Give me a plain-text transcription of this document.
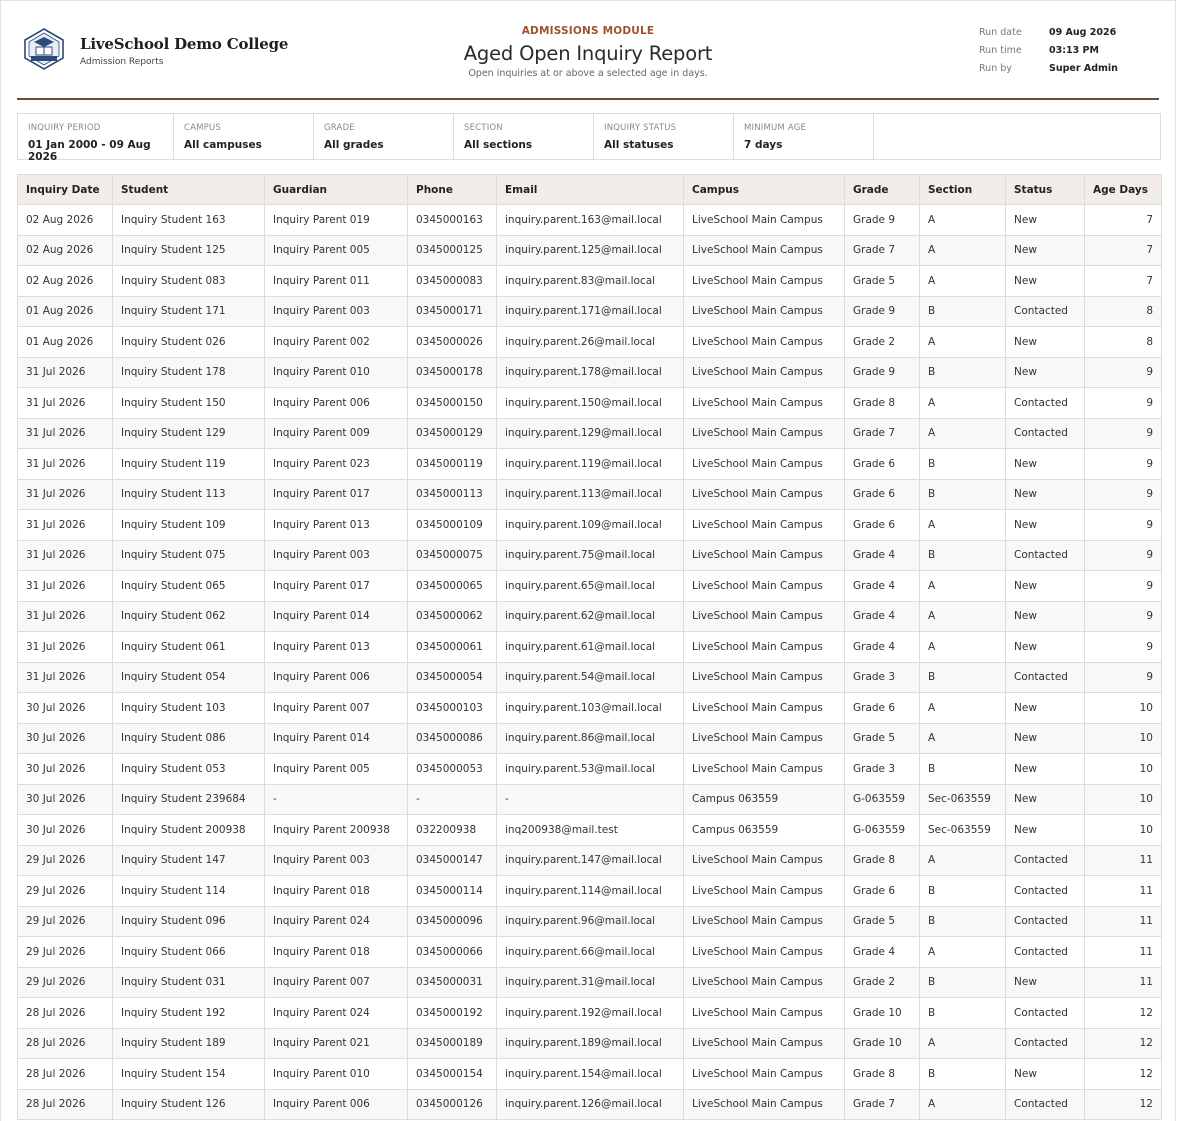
LiveSchool Demo College
Admission Reports
ADMISSIONS MODULE
Aged Open Inquiry Report
Open inquiries at or above a selected age in days.
Run date	09 Aug 2026
Run time	03:13 PM
Run by	Super Admin
INQUIRY PERIOD
01 Jan 2000 - 09 Aug 2026
CAMPUS
All campuses
GRADE
All grades
SECTION
All sections
INQUIRY STATUS
All statuses
MINIMUM AGE
7 days
Inquiry Date	Student	Guardian	Phone	Email	Campus	Grade	Section	Status	Age Days
02 Aug 2026	Inquiry Student 163	Inquiry Parent 019	0345000163	inquiry.parent.163@mail.local	LiveSchool Main Campus	Grade 9	A	New	7
02 Aug 2026	Inquiry Student 125	Inquiry Parent 005	0345000125	inquiry.parent.125@mail.local	LiveSchool Main Campus	Grade 7	A	New	7
02 Aug 2026	Inquiry Student 083	Inquiry Parent 011	0345000083	inquiry.parent.83@mail.local	LiveSchool Main Campus	Grade 5	A	New	7
01 Aug 2026	Inquiry Student 171	Inquiry Parent 003	0345000171	inquiry.parent.171@mail.local	LiveSchool Main Campus	Grade 9	B	Contacted	8
01 Aug 2026	Inquiry Student 026	Inquiry Parent 002	0345000026	inquiry.parent.26@mail.local	LiveSchool Main Campus	Grade 2	A	New	8
31 Jul 2026	Inquiry Student 178	Inquiry Parent 010	0345000178	inquiry.parent.178@mail.local	LiveSchool Main Campus	Grade 9	B	New	9
31 Jul 2026	Inquiry Student 150	Inquiry Parent 006	0345000150	inquiry.parent.150@mail.local	LiveSchool Main Campus	Grade 8	A	Contacted	9
31 Jul 2026	Inquiry Student 129	Inquiry Parent 009	0345000129	inquiry.parent.129@mail.local	LiveSchool Main Campus	Grade 7	A	Contacted	9
31 Jul 2026	Inquiry Student 119	Inquiry Parent 023	0345000119	inquiry.parent.119@mail.local	LiveSchool Main Campus	Grade 6	B	New	9
31 Jul 2026	Inquiry Student 113	Inquiry Parent 017	0345000113	inquiry.parent.113@mail.local	LiveSchool Main Campus	Grade 6	B	New	9
31 Jul 2026	Inquiry Student 109	Inquiry Parent 013	0345000109	inquiry.parent.109@mail.local	LiveSchool Main Campus	Grade 6	A	New	9
31 Jul 2026	Inquiry Student 075	Inquiry Parent 003	0345000075	inquiry.parent.75@mail.local	LiveSchool Main Campus	Grade 4	B	Contacted	9
31 Jul 2026	Inquiry Student 065	Inquiry Parent 017	0345000065	inquiry.parent.65@mail.local	LiveSchool Main Campus	Grade 4	A	New	9
31 Jul 2026	Inquiry Student 062	Inquiry Parent 014	0345000062	inquiry.parent.62@mail.local	LiveSchool Main Campus	Grade 4	A	New	9
31 Jul 2026	Inquiry Student 061	Inquiry Parent 013	0345000061	inquiry.parent.61@mail.local	LiveSchool Main Campus	Grade 4	A	New	9
31 Jul 2026	Inquiry Student 054	Inquiry Parent 006	0345000054	inquiry.parent.54@mail.local	LiveSchool Main Campus	Grade 3	B	Contacted	9
30 Jul 2026	Inquiry Student 103	Inquiry Parent 007	0345000103	inquiry.parent.103@mail.local	LiveSchool Main Campus	Grade 6	A	New	10
30 Jul 2026	Inquiry Student 086	Inquiry Parent 014	0345000086	inquiry.parent.86@mail.local	LiveSchool Main Campus	Grade 5	A	New	10
30 Jul 2026	Inquiry Student 053	Inquiry Parent 005	0345000053	inquiry.parent.53@mail.local	LiveSchool Main Campus	Grade 3	B	New	10
30 Jul 2026	Inquiry Student 239684	-	-	-	Campus 063559	G-063559	Sec-063559	New	10
30 Jul 2026	Inquiry Student 200938	Inquiry Parent 200938	032200938	inq200938@mail.test	Campus 063559	G-063559	Sec-063559	New	10
29 Jul 2026	Inquiry Student 147	Inquiry Parent 003	0345000147	inquiry.parent.147@mail.local	LiveSchool Main Campus	Grade 8	A	Contacted	11
29 Jul 2026	Inquiry Student 114	Inquiry Parent 018	0345000114	inquiry.parent.114@mail.local	LiveSchool Main Campus	Grade 6	B	Contacted	11
29 Jul 2026	Inquiry Student 096	Inquiry Parent 024	0345000096	inquiry.parent.96@mail.local	LiveSchool Main Campus	Grade 5	B	Contacted	11
29 Jul 2026	Inquiry Student 066	Inquiry Parent 018	0345000066	inquiry.parent.66@mail.local	LiveSchool Main Campus	Grade 4	A	Contacted	11
29 Jul 2026	Inquiry Student 031	Inquiry Parent 007	0345000031	inquiry.parent.31@mail.local	LiveSchool Main Campus	Grade 2	B	New	11
28 Jul 2026	Inquiry Student 192	Inquiry Parent 024	0345000192	inquiry.parent.192@mail.local	LiveSchool Main Campus	Grade 10	B	Contacted	12
28 Jul 2026	Inquiry Student 189	Inquiry Parent 021	0345000189	inquiry.parent.189@mail.local	LiveSchool Main Campus	Grade 10	A	Contacted	12
28 Jul 2026	Inquiry Student 154	Inquiry Parent 010	0345000154	inquiry.parent.154@mail.local	LiveSchool Main Campus	Grade 8	B	New	12
28 Jul 2026	Inquiry Student 126	Inquiry Parent 006	0345000126	inquiry.parent.126@mail.local	LiveSchool Main Campus	Grade 7	A	Contacted	12
